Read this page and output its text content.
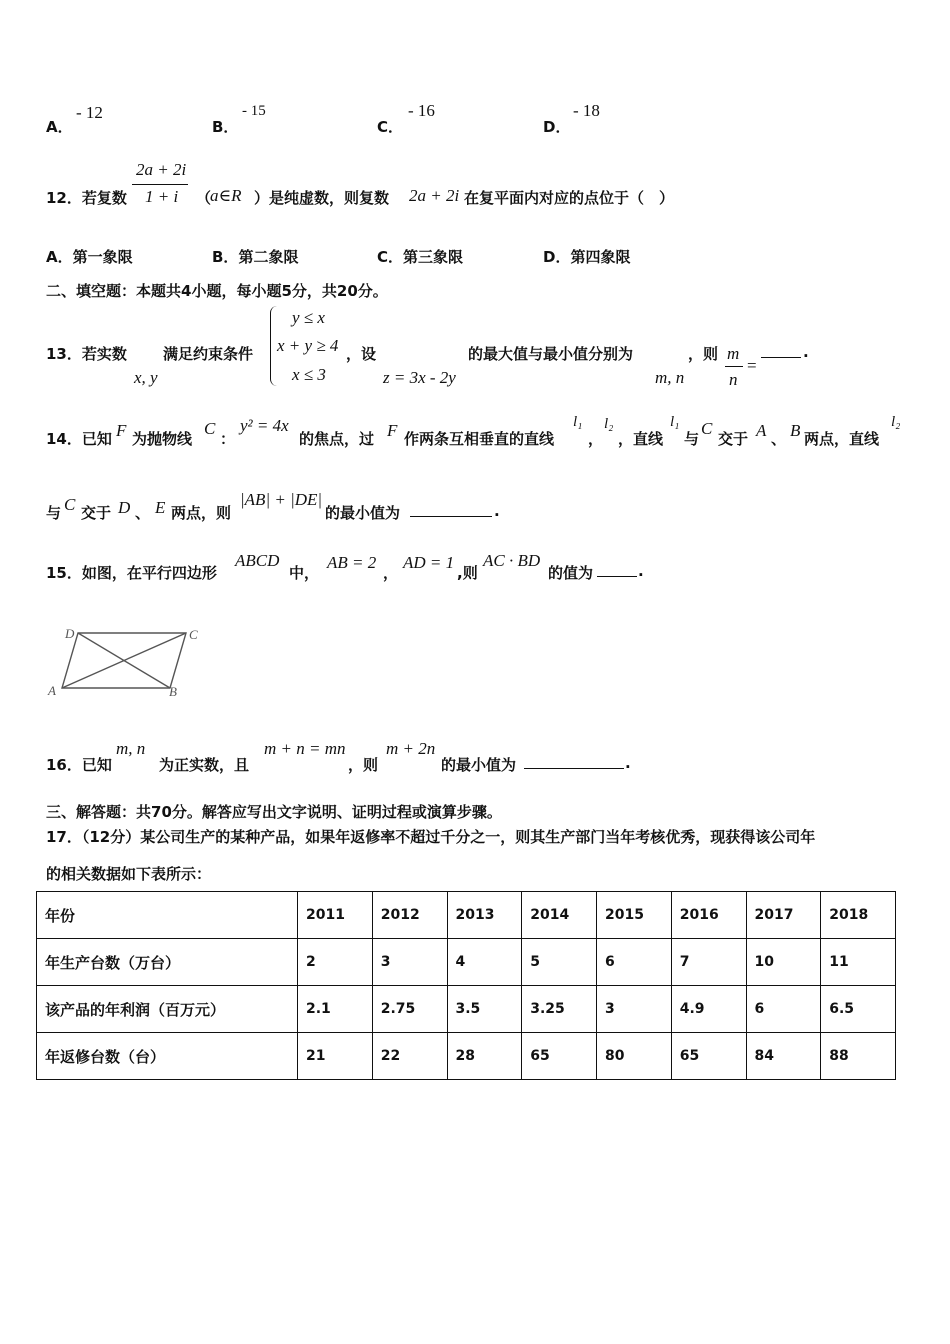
A．
- 12
B．
- 15
C．
- 16
D．
- 18
12．若复数
2a + 2i
1 + i （
a∈R ）是纯虚数，则复数 2a + 2i 在复平面内对应的点位于（　）
A．第一象限	B．第二象限	C．第三象限	D．第四象限
二、填空题：本题共4小题，每小题5分，共20分。
13．若实数
x, y
满足约束条件
y ≤ x
x + y ≥ 4
x ≤ 3
，设
z = 3x - 2y
的最大值与最小值分别为
m, n
，则 m
n
=
.
14．已知 F 为抛物线
C
：
y² = 4x
的焦点，过 F 作两条互相垂直的直线
l₁
，
l₂
，直线
l₁
与
C
交于 A 、 B 两点，直线
l₂
与 C 交于 D 、 E 两点，则
|AB| + |DE|
的最小值为	.
15．如图，在平行四边形
ABCD
中，
AB = 2
，
AD = 1
,则
AC · BD
的值为	.
A	B
C
D
16．已知
m, n
为正实数，且
m + n = mn
，则
m + 2n
的最小值为	.
三、解答题：共70分。解答应写出文字说明、证明过程或演算步骤。
17．（12分）某公司生产的某种产品，如果年返修率不超过千分之一，则其生产部门当年考核优秀，现获得该公司年
的相关数据如下表所示：
年份	2011	2012	2013	2014	2015	2016	2017	2018
年生产台数（万台）	2	3	4	5	6	7	10	11
该产品的年利润（百万元）	2.1	2.75	3.5	3.25	3	4.9	6	6.5
年返修台数（台）	21	22	28	65	80	65	84	88
